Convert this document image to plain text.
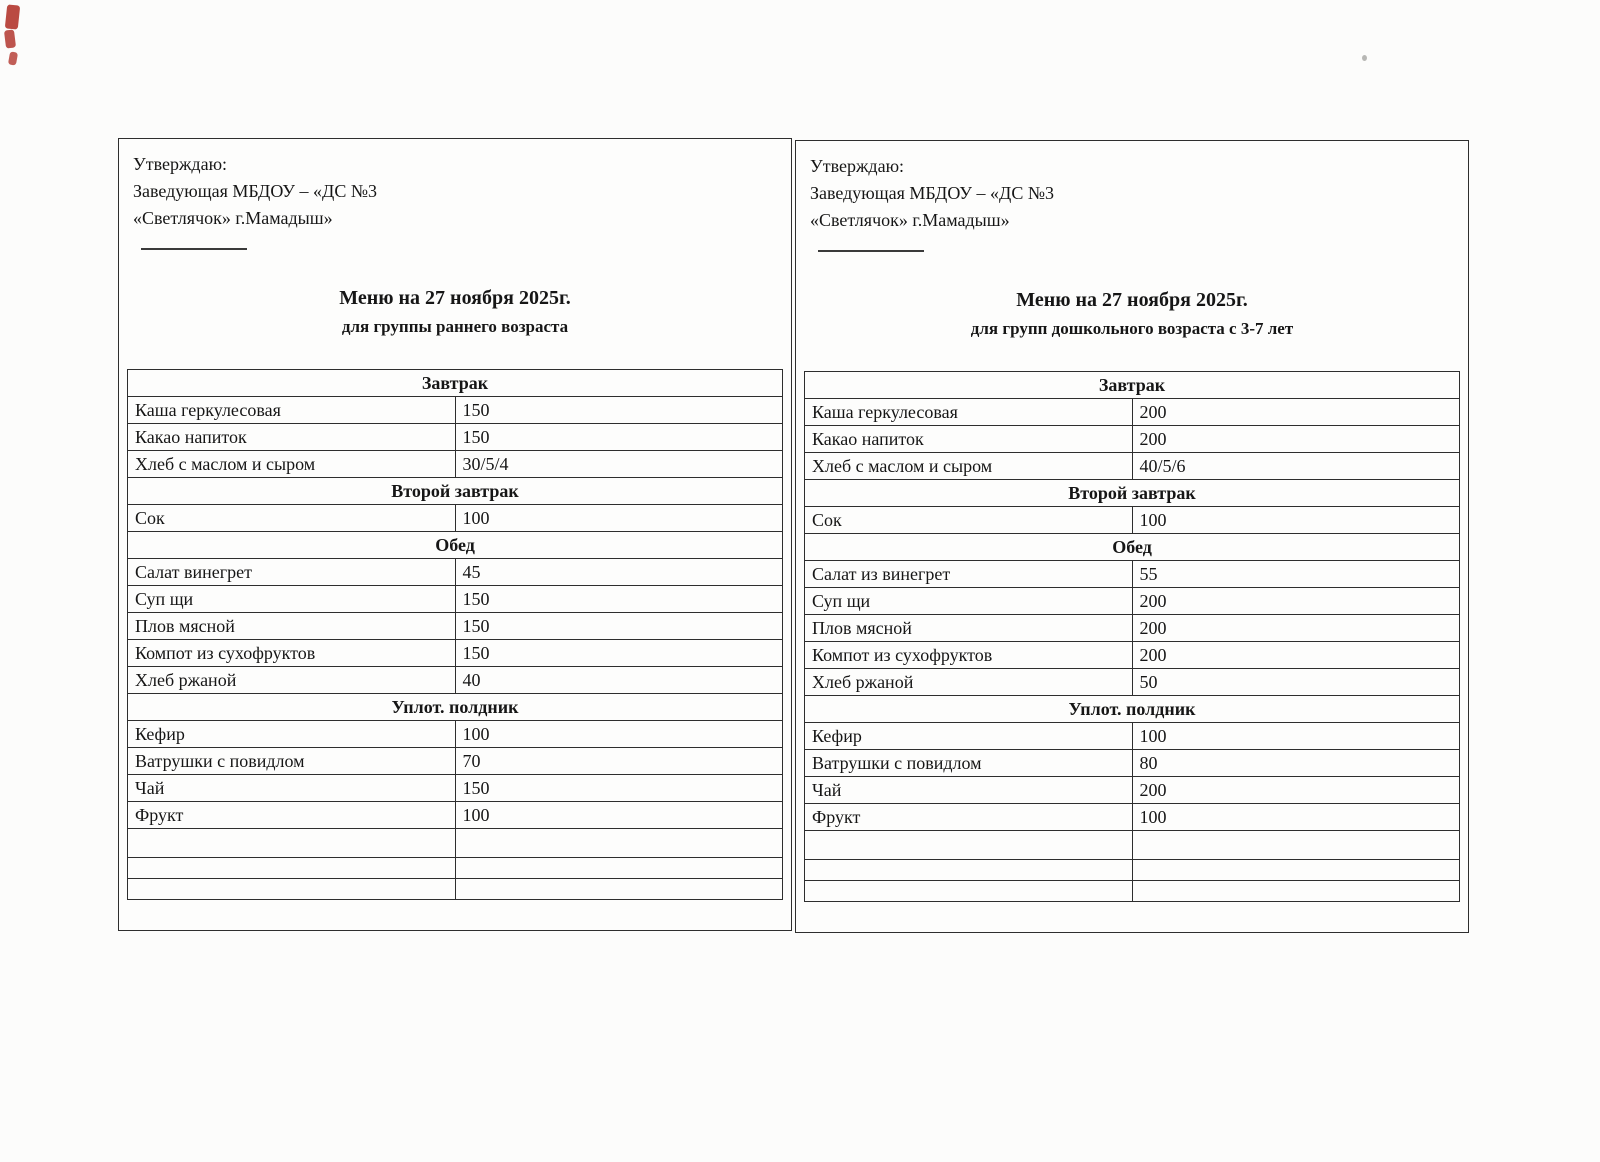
Утверждаю:
Заведующая МБДОУ – «ДС №3
«Светлячок» г.Мамадыш»
Меню на 27 ноября 2025г.
для группы раннего возраста
Завтрак	
Каша геркулесовая	150
Какао напиток	150
Хлеб с маслом и сыром	30/5/4
Второй завтрак	
Сок	100
Обед	
Салат винегрет	45
Суп щи	150
Плов мясной	150
Компот из сухофруктов	150
Хлеб ржаной	40
Уплот. полдник	
Кефир	100
Ватрушки с повидлом	70
Чай	150
Фрукт	100

Утверждаю:
Заведующая МБДОУ – «ДС №3
«Светлячок» г.Мамадыш»
Меню на 27 ноября 2025г.
для групп дошкольного возраста с 3-7 лет
Завтрак	
Каша геркулесовая	200
Какао напиток	200
Хлеб с маслом и сыром	40/5/6
Второй завтрак	
Сок	100
Обед	
Салат из винегрет	55
Суп щи	200
Плов мясной	200
Компот из сухофруктов	200
Хлеб ржаной	50
Уплот. полдник	
Кефир	100
Ватрушки с повидлом	80
Чай	200
Фрукт	100
